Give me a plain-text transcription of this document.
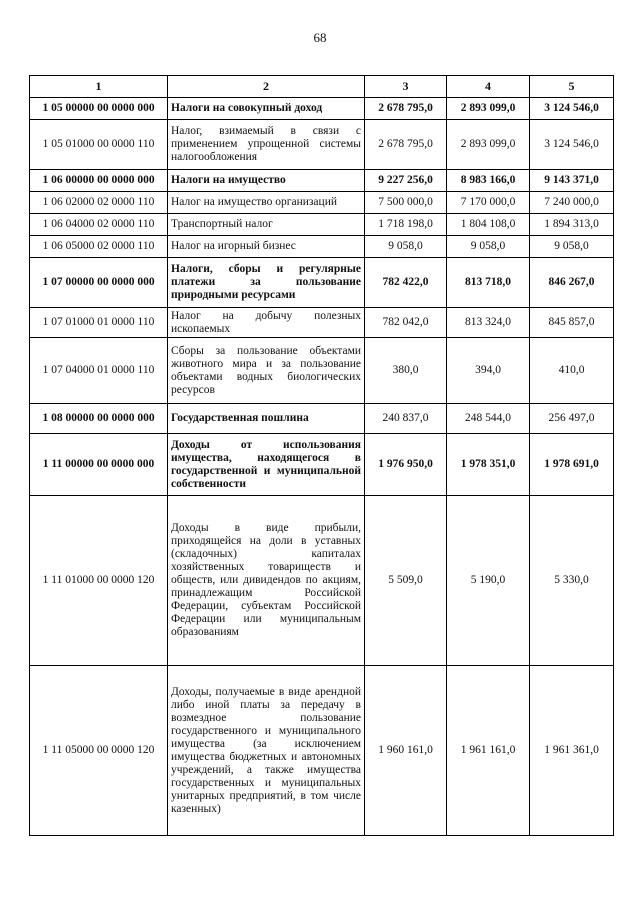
68
1	2	3	4	5
1 05 00000 00 0000 000	Налоги на совокупный доход	2 678 795,0	2 893 099,0	3 124 546,0
1 05 01000 00 0000 110	Налог, взимаемый в связи с применением упрощенной системы налогообложения	2 678 795,0	2 893 099,0	3 124 546,0
1 06 00000 00 0000 000	Налоги на имущество	9 227 256,0	8 983 166,0	9 143 371,0
1 06 02000 02 0000 110	Налог на имущество организаций	7 500 000,0	7 170 000,0	7 240 000,0
1 06 04000 02 0000 110	Транспортный налог	1 718 198,0	1 804 108,0	1 894 313,0
1 06 05000 02 0000 110	Налог на игорный бизнес	9 058,0	9 058,0	9 058,0
1 07 00000 00 0000 000	Налоги, сборы и регулярные платежи за пользование природными ресурсами	782 422,0	813 718,0	846 267,0
1 07 01000 01 0000 110	Налог на добычу полезных ископаемых	782 042,0	813 324,0	845 857,0
1 07 04000 01 0000 110	Сборы за пользование объектами животного мира и за пользование объектами водных биологических ресурсов	380,0	394,0	410,0
1 08 00000 00 0000 000	Государственная пошлина	240 837,0	248 544,0	256 497,0
1 11 00000 00 0000 000	Доходы от использования имущества, находящегося в государственной и муниципальной собственности	1 976 950,0	1 978 351,0	1 978 691,0
1 11 01000 00 0000 120	Доходы в виде прибыли, приходящейся на доли в уставных (складочных) капиталах хозяйственных товариществ и обществ, или дивидендов по акциям, принадлежащим Российской Федерации, субъектам Российской Федерации или муниципальным образованиям	5 509,0	5 190,0	5 330,0
1 11 05000 00 0000 120	Доходы, получаемые в виде арендной либо иной платы за передачу в возмездное пользование государственного и муниципального имущества (за исключением имущества бюджетных и автономных учреждений, а также имущества государственных и муниципальных унитарных предприятий, в том числе казенных)	1 960 161,0	1 961 161,0	1 961 361,0
